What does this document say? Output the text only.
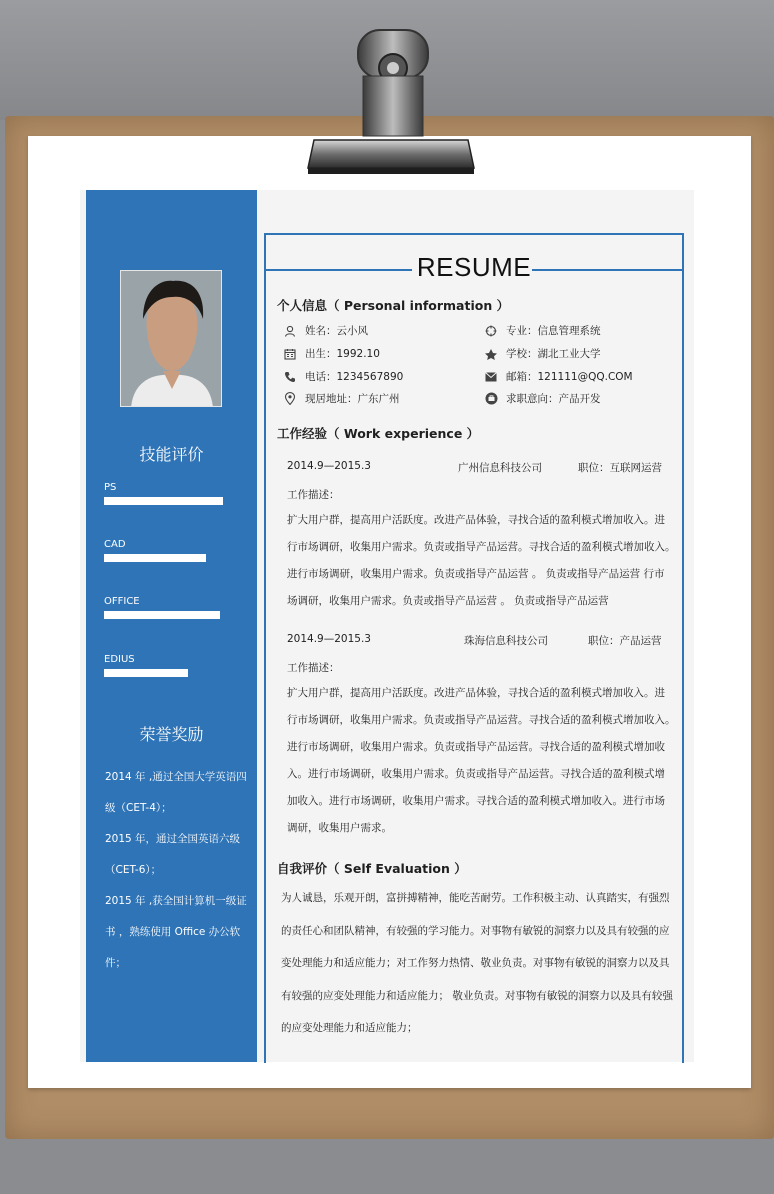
技能评价
PS
CAD
OFFICE
EDIUS
荣誉奖励
2014 年 ,通过全国大学英语四
级（CET-4）；
2015 年，通过全国英语六级
（CET-6）；
2015 年 ,获全国计算机一级证
书 ，熟练使用 Office 办公软
件；
RESUME
个人信息（ Personal information ）
姓名：云小风	专业：信息管理系统
出生：1992.10	学校：湖北工业大学
电话：1234567890	邮箱：121111@QQ.COM
现居地址：广东广州	求职意向：产品开发
工作经验（ Work experience ）
2014.9—2015.3	广州信息科技公司	职位：互联网运营
工作描述：
扩大用户群，提高用户活跃度。改进产品体验，寻找合适的盈利模式增加收入。进
行市场调研，收集用户需求。负责或指导产品运营。寻找合适的盈利模式增加收入。
进行市场调研，收集用户需求。负责或指导产品运营 。 负责或指导产品运营 行市
场调研，收集用户需求。负责或指导产品运营 。 负责或指导产品运营
2014.9—2015.3	珠海信息科技公司	职位：产品运营
工作描述：
扩大用户群，提高用户活跃度。改进产品体验，寻找合适的盈利模式增加收入。进
行市场调研，收集用户需求。负责或指导产品运营。寻找合适的盈利模式增加收入。
进行市场调研，收集用户需求。负责或指导产品运营。寻找合适的盈利模式增加收
入。进行市场调研，收集用户需求。负责或指导产品运营。寻找合适的盈利模式增
加收入。进行市场调研，收集用户需求。寻找合适的盈利模式增加收入。进行市场
调研，收集用户需求。
自我评价（ Self Evaluation ）
为人诚恳，乐观开朗，富拼搏精神，能吃苦耐劳。工作积极主动、认真踏实，有强烈
的责任心和团队精神，有较强的学习能力。对事物有敏锐的洞察力以及具有较强的应
变处理能力和适应能力；对工作努力热情、敬业负责。对事物有敏锐的洞察力以及具
有较强的应变处理能力和适应能力； 敬业负责。对事物有敏锐的洞察力以及具有较强
的应变处理能力和适应能力；
